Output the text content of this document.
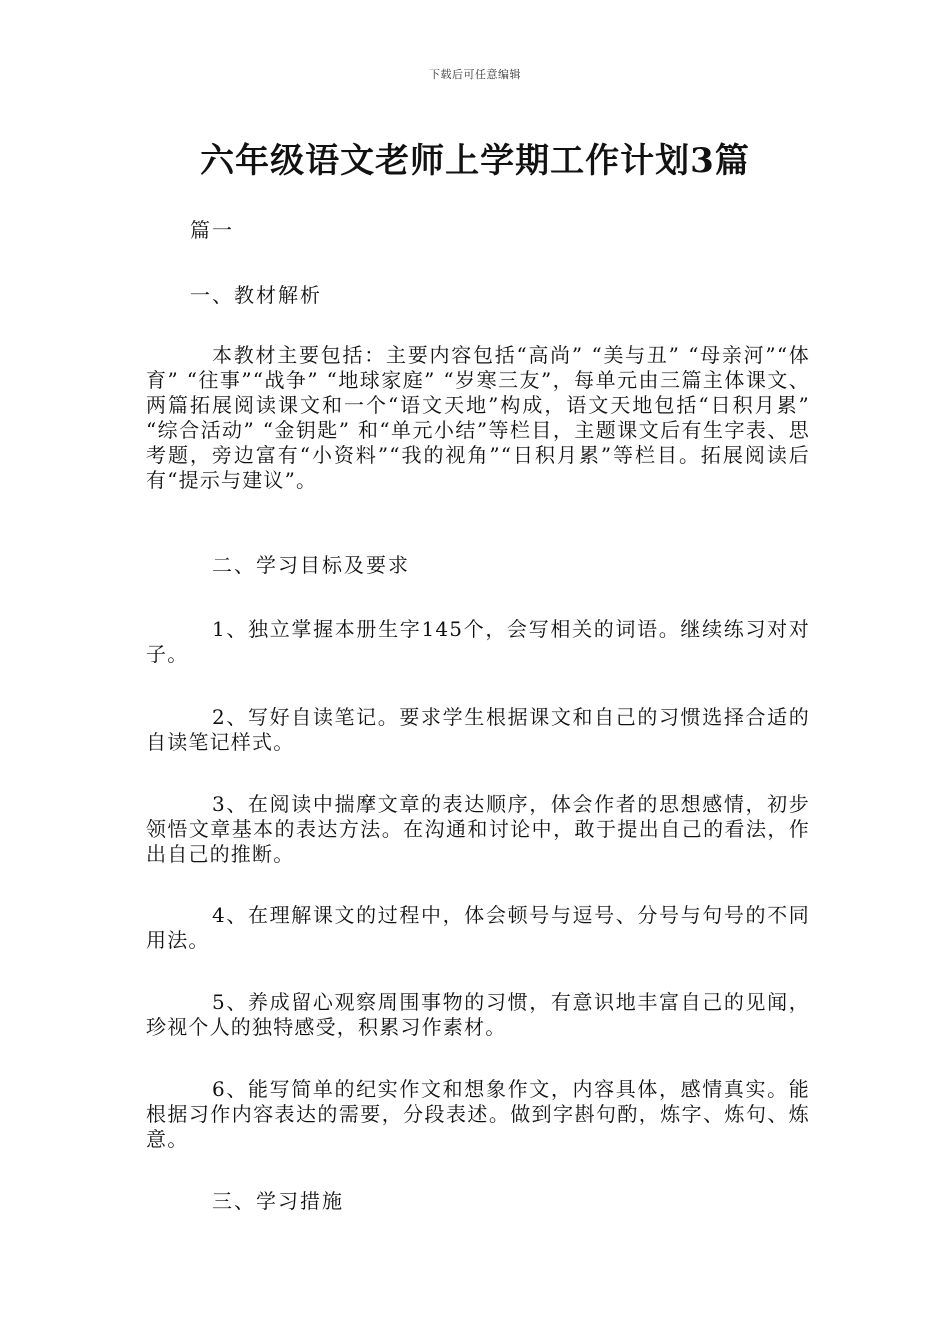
下载后可任意编辑
六年级语文老师上学期工作计划3篇

篇一

一、教材解析

本教材主要包括：主要内容包括“高尚” “美与丑” “母亲河”“体 育” “往事”“战争” “地球家庭” “岁寒三友”，每单元由三篇主体课文、两篇拓展阅读课文和一个“语文天地”构成，语文天地包括“日积月累” “综合活动” “金钥匙” 和“单元小结”等栏目，主题课文后有生字表、思考题，旁边富有“小资料”“我的视角”“日积月累”等栏目。拓展阅读后有“提示与建议”。

二、学习目标及要求

1、独立掌握本册生字145个，会写相关的词语。继续练习对对子。

2、写好自读笔记。要求学生根据课文和自己的习惯选择合适的自读笔记样式。

3、在阅读中揣摩文章的表达顺序，体会作者的思想感情，初步领悟文章基本的表达方法。在沟通和讨论中，敢于提出自己的看法，作出自己的推断。

4、在理解课文的过程中，体会顿号与逗号、分号与句号的不同用法。

5、养成留心观察周围事物的习惯，有意识地丰富自己的见闻，珍视个人的独特感受，积累习作素材。

6、能写简单的纪实作文和想象作文，内容具体，感情真实。能根据习作内容表达的需要，分段表述。做到字斟句酌，炼字、炼句、炼意。

三、学习措施
